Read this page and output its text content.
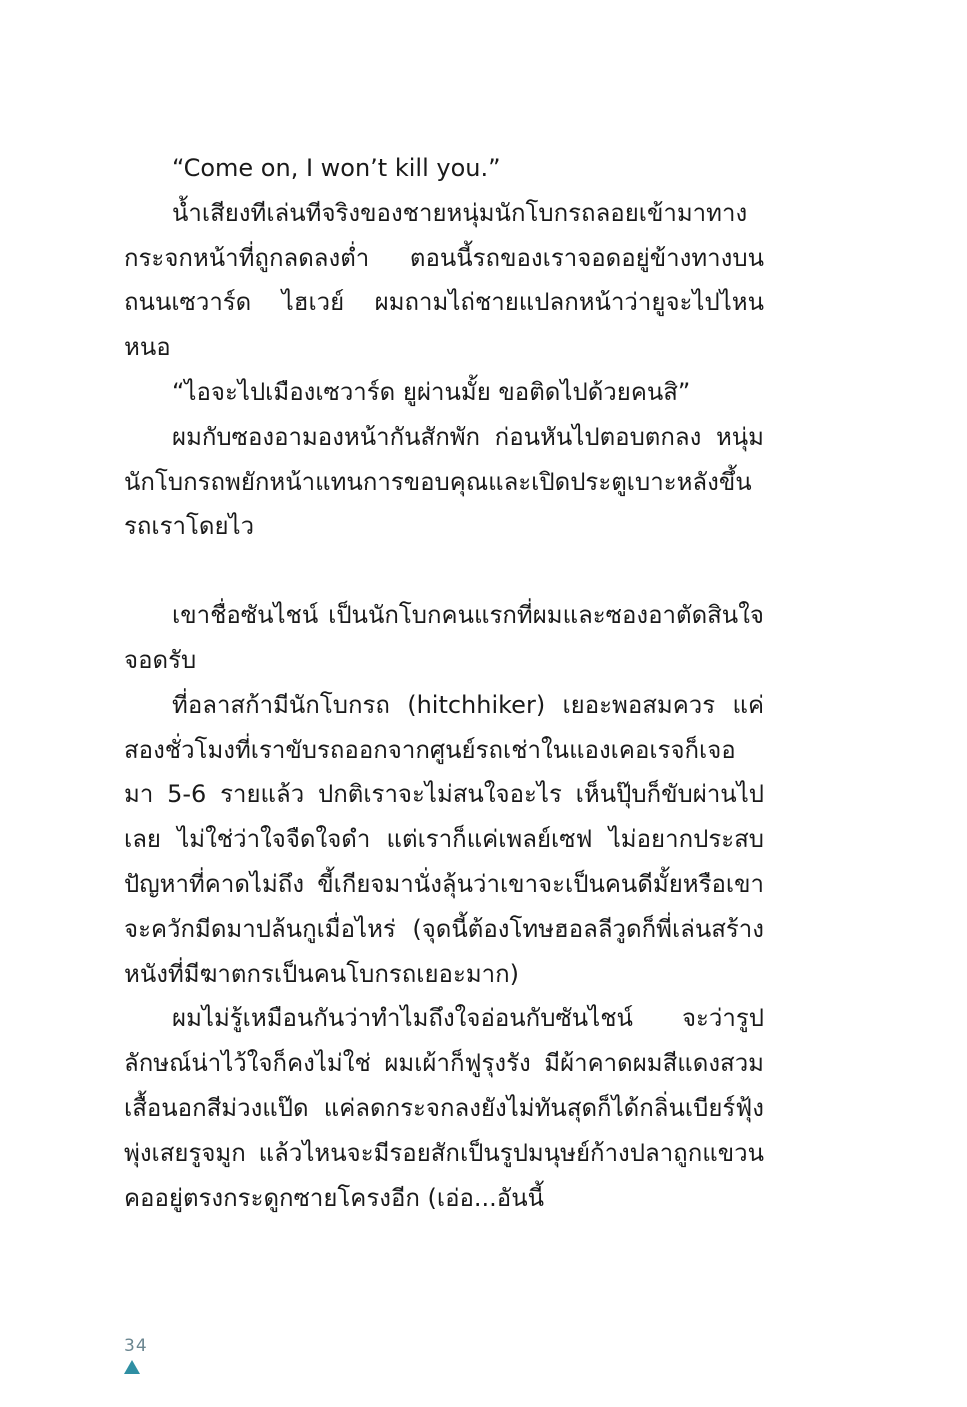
“Come on, I won’t kill you.”

น้ำเสียงทีเล่นทีจริงของชายหนุ่มนักโบกรถลอยเข้ามาทางกระจกหน้าที่ถูกลดลงต่ำ ตอนนี้รถของเราจอดอยู่ข้างทางบนถนนเซวาร์ด ไฮเวย์ ผมถามไถ่ชายแปลกหน้าว่ายูจะไปไหนหนอ

“ไอจะไปเมืองเซวาร์ด ยูผ่านมั้ย ขอติดไปด้วยคนสิ”

ผมกับซองอามองหน้ากันสักพัก ก่อนหันไปตอบตกลง หนุ่มนักโบกรถพยักหน้าแทนการขอบคุณและเปิดประตูเบาะหลังขึ้นรถเราโดยไว

เขาชื่อซันไชน์ เป็นนักโบกคนแรกที่ผมและซองอาตัดสินใจจอดรับ

ที่อลาสก้ามีนักโบกรถ (hitchhiker) เยอะพอสมควร แค่สองชั่วโมงที่เราขับรถออกจากศูนย์รถเช่าในแองเคอเรจก็เจอมา 5-6 รายแล้ว ปกติเราจะไม่สนใจอะไร เห็นปุ๊บก็ขับผ่านไปเลย ไม่ใช่ว่าใจจืดใจดำ แต่เราก็แค่เพลย์เซฟ ไม่อยากประสบปัญหาที่คาดไม่ถึง ขี้เกียจมานั่งลุ้นว่าเขาจะเป็นคนดีมั้ยหรือเขาจะควักมีดมาปล้นกูเมื่อไหร่ (จุดนี้ต้องโทษฮอลลีวูดก็พี่เล่นสร้างหนังที่มีฆาตกรเป็นคนโบกรถเยอะมาก)

ผมไม่รู้เหมือนกันว่าทำไมถึงใจอ่อนกับซันไชน์ จะว่ารูปลักษณ์น่าไว้ใจก็คงไม่ใช่ ผมเผ้าก็ฟูรุงรัง มีผ้าคาดผมสีแดงสวมเสื้อนอกสีม่วงแป๊ด แค่ลดกระจกลงยังไม่ทันสุดก็ได้กลิ่นเบียร์ฟุ้งพุ่งเสยรูจมูก แล้วไหนจะมีรอยสักเป็นรูปมนุษย์ก้างปลาถูกแขวนคออยู่ตรงกระดูกซายโครงอีก (เอ่อ...อันนี้

34
